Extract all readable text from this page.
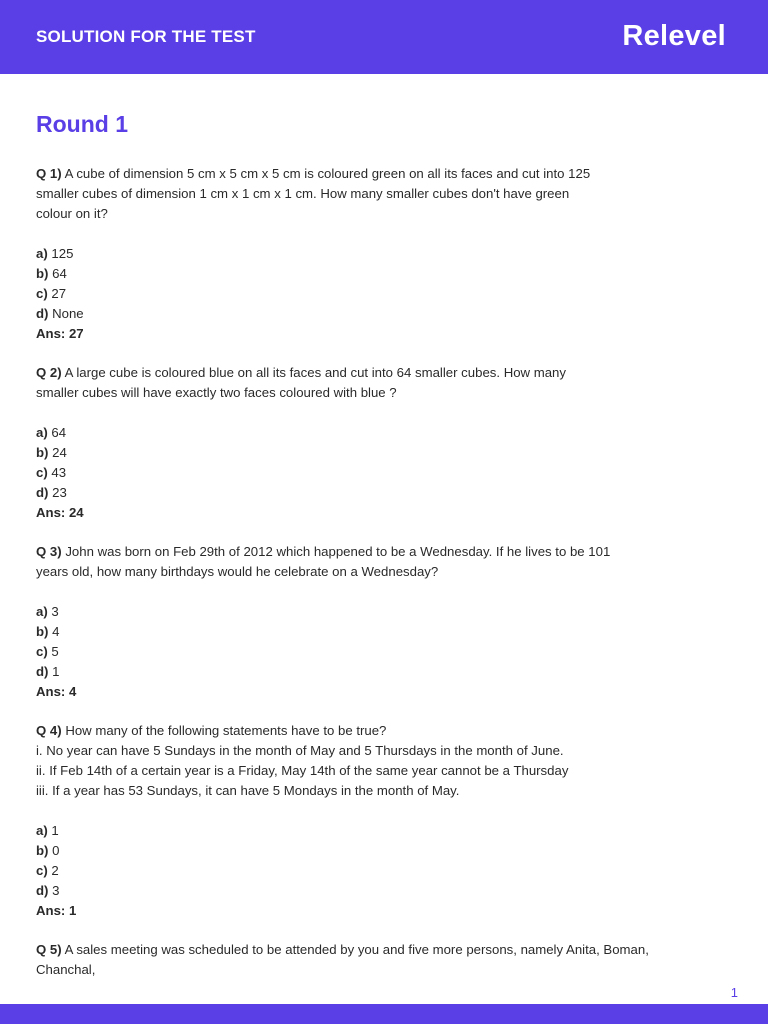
SOLUTION FOR THE TEST	Relevel
Round 1
Q 1) A cube of dimension 5 cm x 5 cm x 5 cm is coloured green on all its faces and cut into 125
smaller cubes of dimension 1 cm x 1 cm x 1 cm. How many smaller cubes don't have green
colour on it?
a) 125
b) 64
c) 27
d) None
Ans: 27
Q 2) A large cube is coloured blue on all its faces and cut into 64 smaller cubes. How many
smaller cubes will have exactly two faces coloured with blue ?
a) 64
b) 24
c) 43
d) 23
Ans: 24
Q 3) John was born on Feb 29th of 2012 which happened to be a Wednesday. If he lives to be 101
years old, how many birthdays would he celebrate on a Wednesday?
a) 3
b) 4
c) 5
d) 1
Ans: 4
Q 4) How many of the following statements have to be true?
i. No year can have 5 Sundays in the month of May and 5 Thursdays in the month of June.
ii. If Feb 14th of a certain year is a Friday, May 14th of the same year cannot be a Thursday
iii. If a year has 53 Sundays, it can have 5 Mondays in the month of May.
a) 1
b) 0
c) 2
d) 3
Ans: 1
Q 5) A sales meeting was scheduled to be attended by you and five more persons, namely Anita, Boman,
Chanchal,
1
